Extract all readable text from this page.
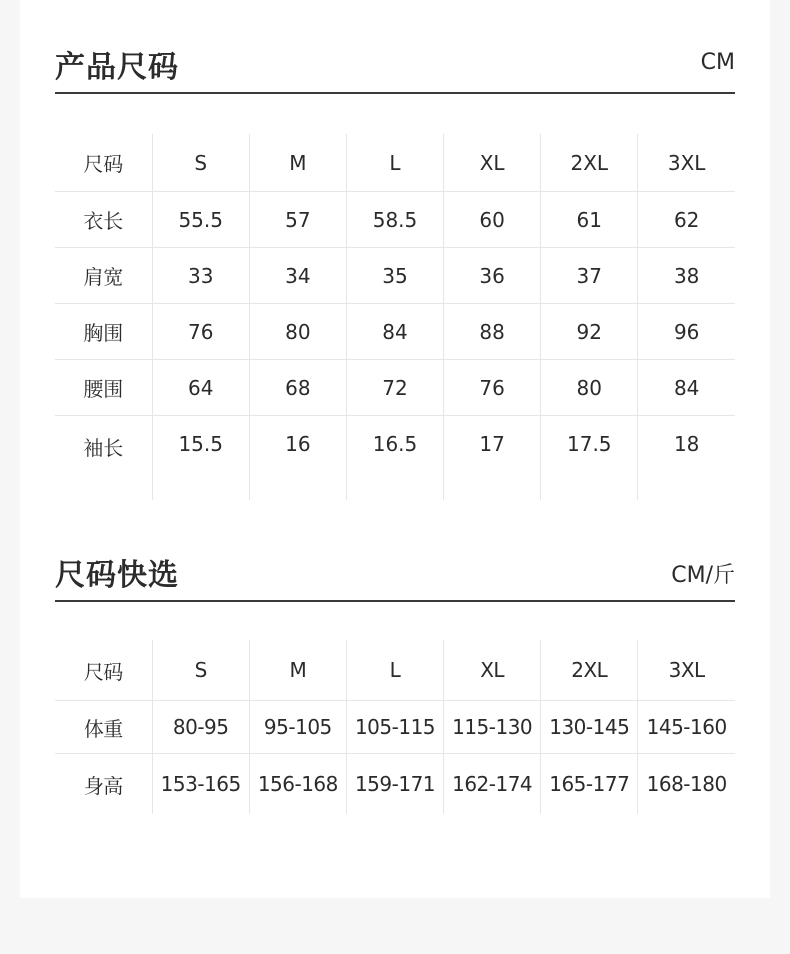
产品尺码	CM
尺码	S	M	L	XL	2XL	3XL
衣长	55.5	57	58.5	60	61	62
肩宽	33	34	35	36	37	38
胸围	76	80	84	88	92	96
腰围	64	68	72	76	80	84
袖长	15.5	16	16.5	17	17.5	18
尺码快选	CM/斤
尺码	S	M	L	XL	2XL	3XL
体重	80-95	95-105	105-115	115-130	130-145	145-160
身高	153-165	156-168	159-171	162-174	165-177	168-180
